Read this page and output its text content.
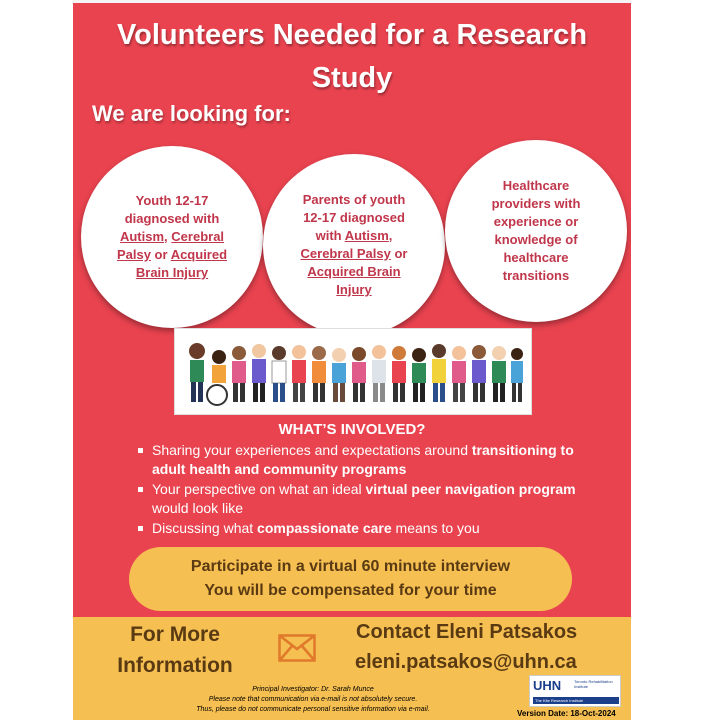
Volunteers Needed for a Research Study
We are looking for:
Youth 12-17 diagnosed with Autism, Cerebral Palsy or Acquired Brain Injury
Parents of youth 12-17 diagnosed with Autism, Cerebral Palsy or Acquired Brain Injury
Healthcare providers with experience or knowledge of healthcare transitions
WHAT’S INVOLVED?
Sharing your experiences and expectations around transitioning to adult health and community programs
Your perspective on what an ideal virtual peer navigation program would look like
Discussing what compassionate care means to you
Participate in a virtual 60 minute interview
You will be compensated for your time
For More
Information
Contact Eleni Patsakos
eleni.patsakos@uhn.ca
Principal Investigator: Dr. Sarah Munce
Please note that communication via e-mail is not absolutely secure.
Thus, please do not communicate personal sensitive information via e-mail.
UHN	Toronto Rehabilitation Institute
The Kite Research Institute
Version Date: 18-Oct-2024
